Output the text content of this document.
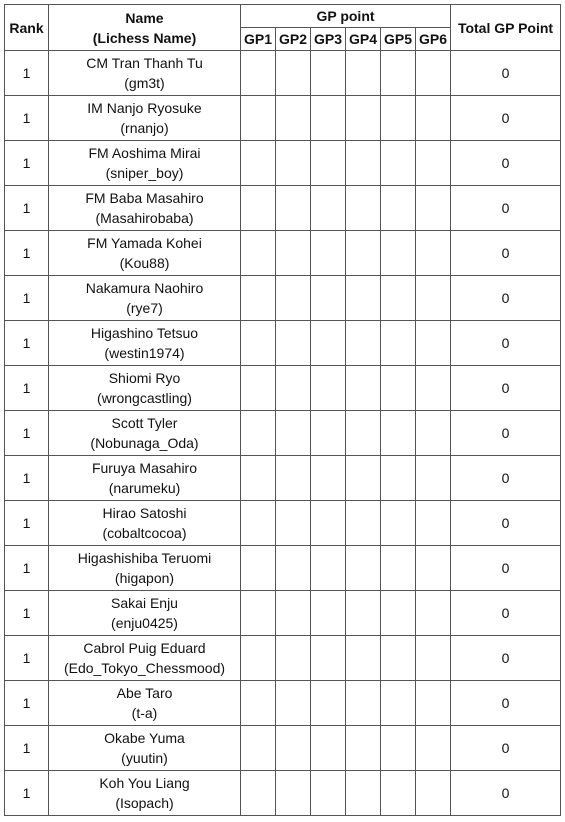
Rank	Name
(Lichess Name)	GP point						Total GP Point
		GP1	GP2	GP3	GP4	GP5	GP6	
1	CM Tran Thanh Tu
(gm3t)							0
1	IM Nanjo Ryosuke
(rnanjo)							0
1	FM Aoshima Mirai
(sniper_boy)							0
1	FM Baba Masahiro
(Masahirobaba)							0
1	FM Yamada Kohei
(Kou88)							0
1	Nakamura Naohiro
(rye7)							0
1	Higashino Tetsuo
(westin1974)							0
1	Shiomi Ryo
(wrongcastling)							0
1	Scott Tyler
(Nobunaga_Oda)							0
1	Furuya Masahiro
(narumeku)							0
1	Hirao Satoshi
(cobaltcocoa)							0
1	Higashishiba Teruomi
(higapon)							0
1	Sakai Enju
(enju0425)							0
1	Cabrol Puig Eduard
(Edo_Tokyo_Chessmood)							0
1	Abe Taro
(t-a)							0
1	Okabe Yuma
(yuutin)							0
1	Koh You Liang
(Isopach)							0
